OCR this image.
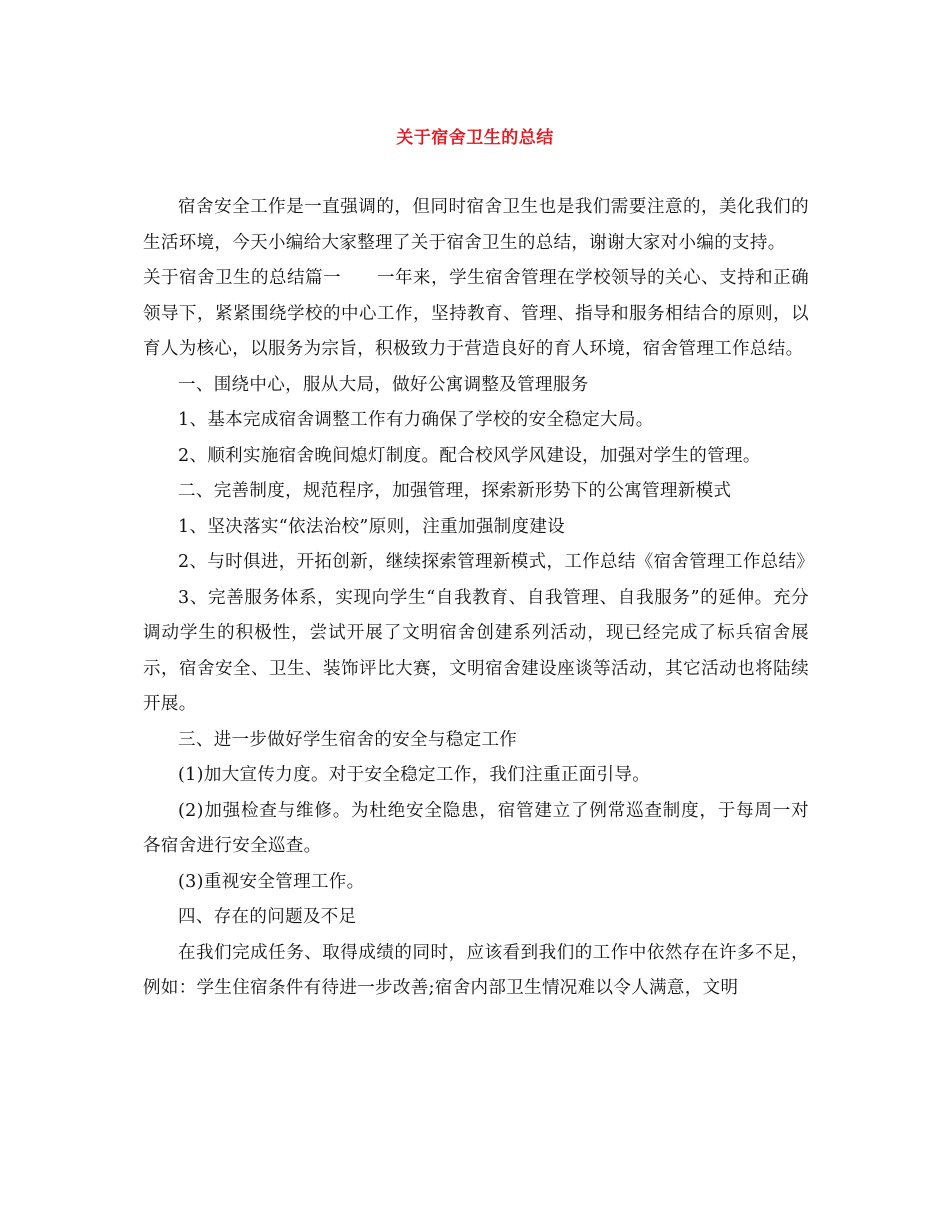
关于宿舍卫生的总结

宿舍安全工作是一直强调的，但同时宿舍卫生也是我们需要注意的，美化我们的生活环境，今天小编给大家整理了关于宿舍卫生的总结，谢谢大家对小编的支持。

关于宿舍卫生的总结篇一　　一年来，学生宿舍管理在学校领导的关心、支持和正确领导下，紧紧围绕学校的中心工作，坚持教育、管理、指导和服务相结合的原则，以育人为核心，以服务为宗旨，积极致力于营造良好的育人环境，宿舍管理工作总结。

一、围绕中心，服从大局，做好公寓调整及管理服务

1、基本完成宿舍调整工作有力确保了学校的安全稳定大局。

2、顺利实施宿舍晚间熄灯制度。配合校风学风建设，加强对学生的管理。

二、完善制度，规范程序，加强管理，探索新形势下的公寓管理新模式

1、坚决落实“依法治校”原则，注重加强制度建设

2、与时俱进，开拓创新，继续探索管理新模式，工作总结《宿舍管理工作总结》

3、完善服务体系，实现向学生“自我教育、自我管理、自我服务”的延伸。充分调动学生的积极性，尝试开展了文明宿舍创建系列活动，现已经完成了标兵宿舍展示，宿舍安全、卫生、装饰评比大赛，文明宿舍建设座谈等活动，其它活动也将陆续开展。

三、进一步做好学生宿舍的安全与稳定工作

(1)加大宣传力度。对于安全稳定工作，我们注重正面引导。

(2)加强检查与维修。为杜绝安全隐患，宿管建立了例常巡查制度，于每周一对各宿舍进行安全巡查。

(3)重视安全管理工作。

四、存在的问题及不足

在我们完成任务、取得成绩的同时，应该看到我们的工作中依然存在许多不足，例如：学生住宿条件有待进一步改善;宿舍内部卫生情况难以令人满意，文明
